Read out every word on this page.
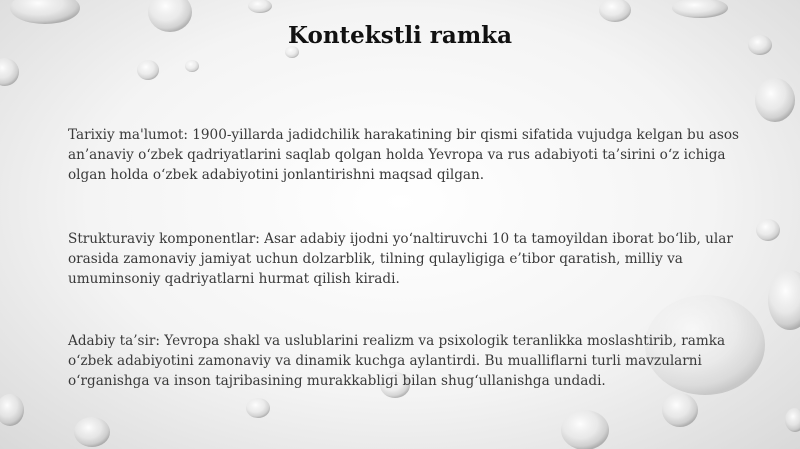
Kontekstli ramka
Tarixiy ma'lumot: 1900-yillarda jadidchilik harakatining bir qismi sifatida vujudga kelgan bu asos an’anaviy o‘zbek qadriyatlarini saqlab qolgan holda Yevropa va rus adabiyoti ta’sirini o‘z ichiga olgan holda o‘zbek adabiyotini jonlantirishni maqsad qilgan.
Strukturaviy komponentlar: Asar adabiy ijodni yo‘naltiruvchi 10 ta tamoyildan iborat bo‘lib, ular orasida zamonaviy jamiyat uchun dolzarblik, tilning qulayligiga e’tibor qaratish, milliy va umuminsoniy qadriyatlarni hurmat qilish kiradi.
Adabiy ta’sir: Yevropa shakl va uslublarini realizm va psixologik teranlikka moslashtirib, ramka o‘zbek adabiyotini zamonaviy va dinamik kuchga aylantirdi. Bu mualliflarni turli mavzularni o‘rganishga va inson tajribasining murakkabligi bilan shug‘ullanishga undadi.
